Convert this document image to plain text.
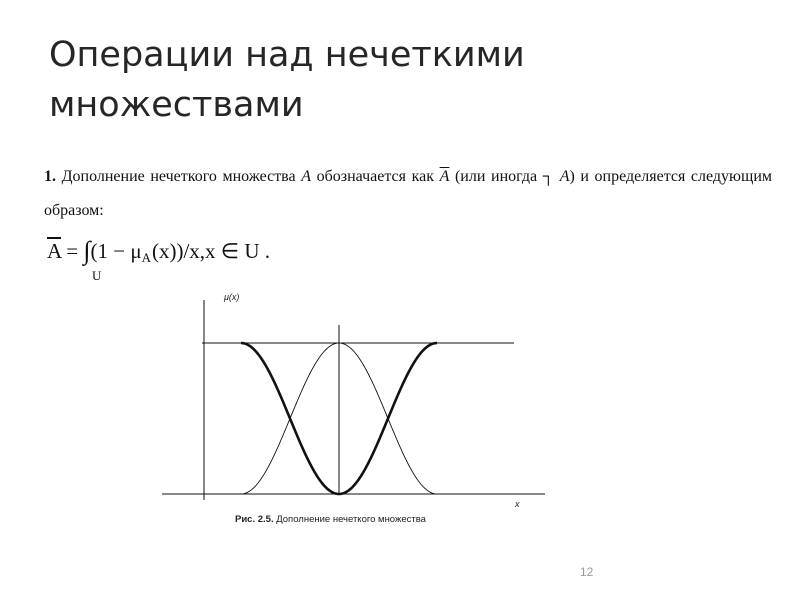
Операции над нечеткими множествами

1. Дополнение нечеткого множества A обозначается как $\overline{A}$ (или иногда ┐ A) и определяется следующим образом:

$\overline{A} = \int(1 - \mu A(x))/x,x$ ∈ U .
U
μ(x)
x
Рис. 2.5. Дополнение нечеткого множества
12
